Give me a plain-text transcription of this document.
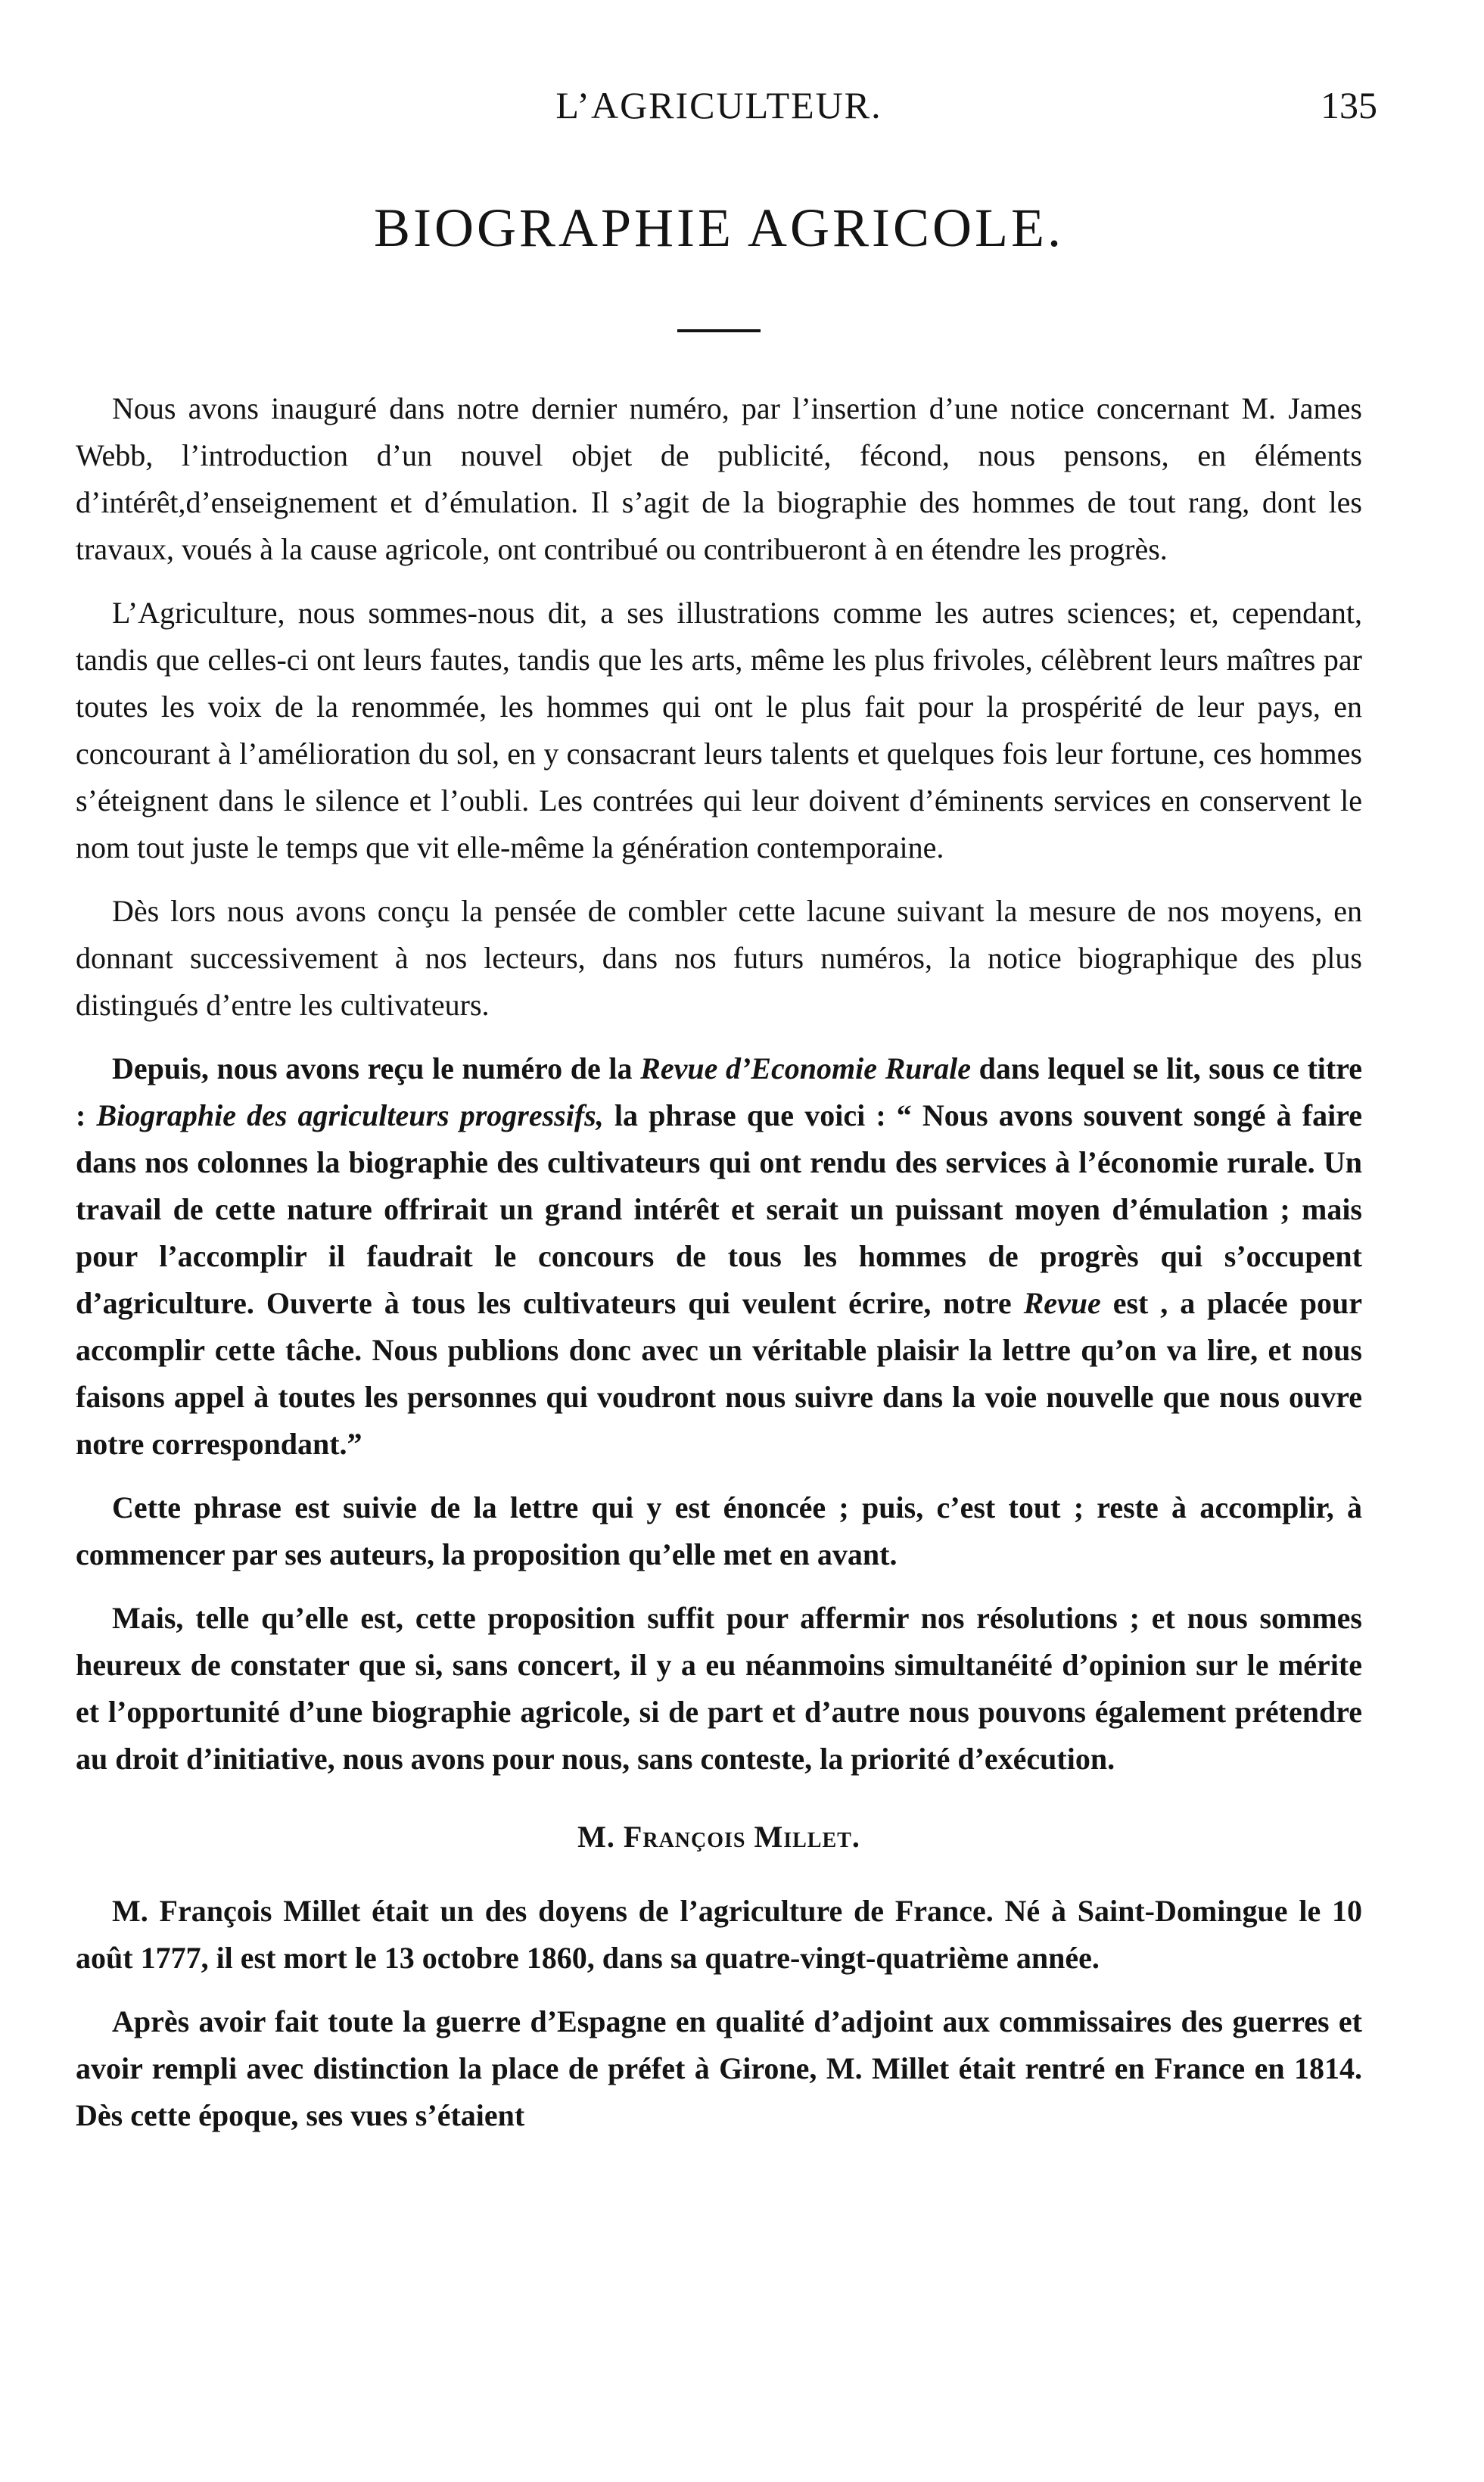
L’AGRICULTEUR.	135
BIOGRAPHIE AGRICOLE.

Nous avons inauguré dans notre dernier numéro, par l’insertion d’une notice concernant M. James Webb, l’introduction d’un nouvel objet de publicité, fécond, nous pensons, en éléments d’intérêt,d’enseignement et d’émulation. Il s’agit de la biographie des hommes de tout rang, dont les travaux, voués à la cause agricole, ont contribué ou contribueront à en étendre les progrès.

L’Agriculture, nous sommes-nous dit, a ses illustrations comme les autres sciences; et, cependant, tandis que celles-ci ont leurs fautes, tandis que les arts, même les plus frivoles, célèbrent leurs maîtres par toutes les voix de la renommée, les hommes qui ont le plus fait pour la prospérité de leur pays, en concourant à l’amélioration du sol, en y consacrant leurs talents et quelques fois leur fortune, ces hommes s’éteignent dans le silence et l’oubli. Les contrées qui leur doivent d’éminents services en conservent le nom tout juste le temps que vit elle-même la génération contemporaine.

Dès lors nous avons conçu la pensée de combler cette lacune suivant la mesure de nos moyens, en donnant successivement à nos lecteurs, dans nos futurs numéros, la notice biographique des plus distingués d’entre les cultivateurs.

Depuis, nous avons reçu le numéro de la Revue d’Economie Rurale dans lequel se lit, sous ce titre : Biographie des agriculteurs progressifs, la phrase que voici : “ Nous avons souvent songé à faire dans nos colonnes la biographie des cultivateurs qui ont rendu des services à l’économie rurale. Un travail de cette nature offrirait un grand intérêt et serait un puissant moyen d’émulation ; mais pour l’accomplir il faudrait le concours de tous les hommes de progrès qui s’occupent d’agriculture. Ouverte à tous les cultivateurs qui veulent écrire, notre Revue est , a placée pour accomplir cette tâche. Nous publions donc avec un véritable plaisir la lettre qu’on va lire, et nous faisons appel à toutes les personnes qui voudront nous suivre dans la voie nouvelle que nous ouvre notre correspondant.”

Cette phrase est suivie de la lettre qui y est énoncée ; puis, c’est tout ; reste à accomplir, à commencer par ses auteurs, la proposition qu’elle met en avant.

Mais, telle qu’elle est, cette proposition suffit pour affermir nos résolutions ; et nous sommes heureux de constater que si, sans concert, il y a eu néanmoins simultanéité d’opinion sur le mérite et l’opportunité d’une biographie agricole, si de part et d’autre nous pouvons également prétendre au droit d’initiative, nous avons pour nous, sans conteste, la priorité d’exécution.

M. François Millet.

M. François Millet était un des doyens de l’agriculture de France. Né à Saint-Domingue le 10 août 1777, il est mort le 13 octobre 1860, dans sa quatre-vingt-quatrième année.

Après avoir fait toute la guerre d’Espagne en qualité d’adjoint aux commissaires des guerres et avoir rempli avec distinction la place de préfet à Girone, M. Millet était rentré en France en 1814. Dès cette époque, ses vues s’étaient
